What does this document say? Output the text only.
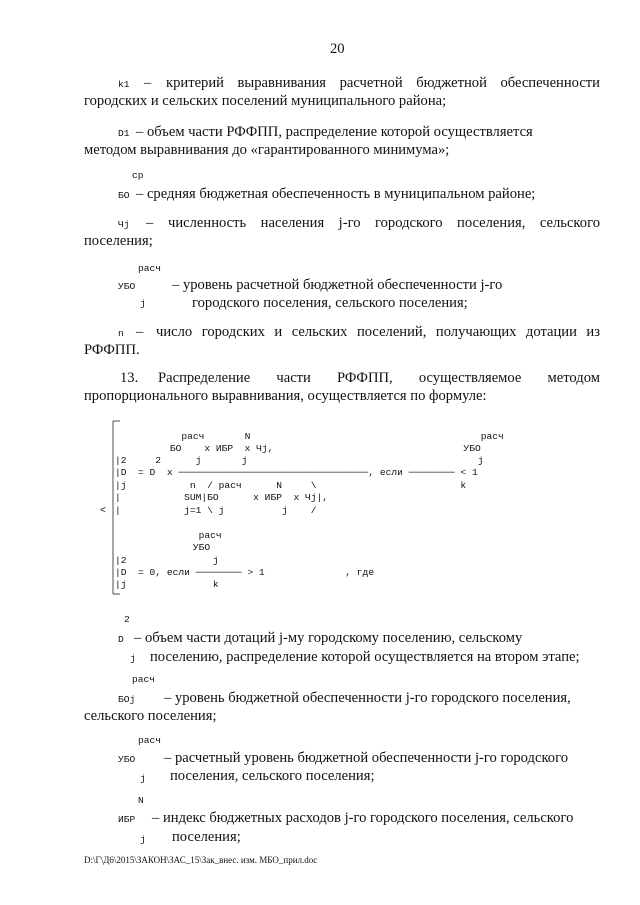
20
k1 – критерий выравнивания расчетной бюджетной обеспеченности
городских и сельских поселений муниципального района;
D1 – объем части РФФПП, распределение которой осуществляется
методом выравнивания до «гарантированного минимума»;
ср
БО – средняя бюджетная обеспеченность в муниципальном районе;
Чj – численность населения j-го городского поселения, сельского
поселения;
расч
УБО
j
– уровень расчетной бюджетной обеспеченности j-го
городского поселения, сельского поселения;
n – число городских и сельских поселений, получающих дотации из
РФФПП.
13. Распределение части РФФПП, осуществляемое методом
пропорционального выравнивания, осуществляется по формуле:
<
расч       N                                        расч
БО    x ИБР  x Чj,                                 УБО
|2     2      j       j                                        j
|D  = D  x ─────────────────────────────────, если ──────── < 1
|j           n  / расч      N     \                         k
|           SUM|БО      x ИБР  x Чj|,
|           j=1 \ j          j    /
расч
УБО
|2               j
|D  = 0, если ──────── > 1              , где
|j               k
2
D
j
– объем части дотаций j-му городскому поселению, сельскому
поселению, распределение которой осуществляется на втором этапе;
расч
БОj – уровень бюджетной обеспеченности j-го городского поселения,
сельского поселения;
расч
УБО
j
– расчетный уровень бюджетной обеспеченности j-го городского
поселения, сельского поселения;
N
ИБР
j
– индекс бюджетных расходов j-го городского поселения, сельского
поселения;
D:\Г\Д6\2015\ЗАКОН\ЗАС_15\Зак_внес. изм. МБО_прил.doc
